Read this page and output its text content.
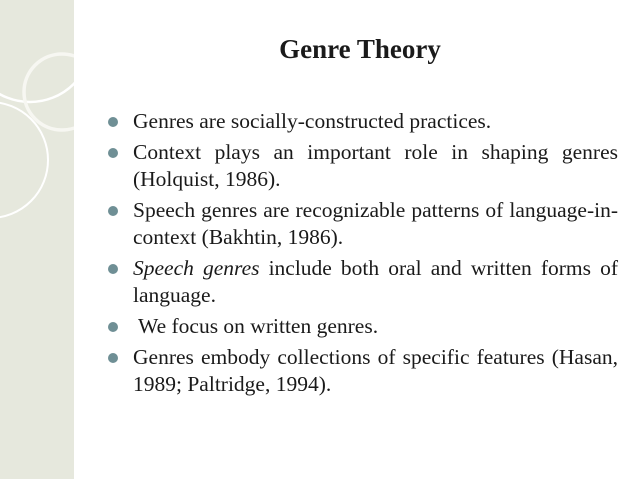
Genre Theory
Genres are socially-constructed practices.
Context plays an important role in shaping genres (Holquist, 1986).
Speech genres are recognizable patterns of language-in-context (Bakhtin, 1986).
Speech genres include both oral and written forms of language.
We focus on written genres.
Genres embody collections of specific features (Hasan, 1989; Paltridge, 1994).
